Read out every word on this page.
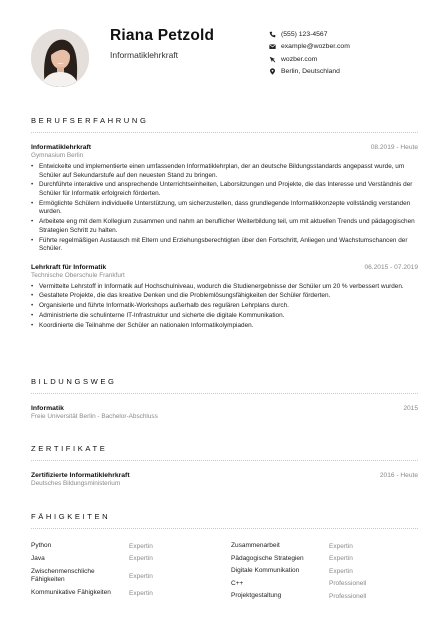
Riana Petzold
Informatiklehrkraft
(555) 123-4567
example@wozber.com
wozber.com
Berlin, Deutschland
BERUFSERFAHRUNG
Informatiklehrkraft	08.2019 - Heute
Gymnasium Berlin
• Entwickelte und implementierte einen umfassenden Informatiklehrplan, der an deutsche Bildungsstandards angepasst wurde, um Schüler auf Sekundarstufe auf den neuesten Stand zu bringen.
• Durchführte interaktive und ansprechende Unterrichtseinheiten, Laborsitzungen und Projekte, die das Interesse und Verständnis der Schüler für Informatik erfolgreich förderten.
• Ermöglichte Schülern individuelle Unterstützung, um sicherzustellen, dass grundlegende Informatikkonzepte vollständig verstanden wurden.
• Arbeitete eng mit dem Kollegium zusammen und nahm an beruflicher Weiterbildung teil, um mit aktuellen Trends und pädagogischen Strategien Schritt zu halten.
• Führte regelmäßigen Austausch mit Eltern und Erziehungsberechtigten über den Fortschritt, Anliegen und Wachstumschancen der Schüler.
Lehrkraft für Informatik	06.2015 - 07.2019
Technische Oberschule Frankfurt
• Vermittelte Lehrstoff in Informatik auf Hochschulniveau, wodurch die Studienergebnisse der Schüler um 20 % verbessert wurden.
• Gestaltete Projekte, die das kreative Denken und die Problemlösungsfähigkeiten der Schüler förderten.
• Organisierte und führte Informatik-Workshops außerhalb des regulären Lehrplans durch.
• Administrierte die schulinterne IT-Infrastruktur und sicherte die digitale Kommunikation.
• Koordinierte die Teilnahme der Schüler an nationalen Informatikolympiaden.
BILDUNGSWEG
Informatik	2015
Freie Universität Berlin - Bachelor-Abschluss
ZERTIFIKATE
Zertifizierte Informatiklehrkraft	2016 - Heute
Deutsches Bildungsministerium
FÄHIGKEITEN
Python	Expertin
Java	Expertin
Zwischenmenschliche Fähigkeiten	Expertin
Kommunikative Fähigkeiten	Expertin
Zusammenarbeit	Expertin
Pädagogische Strategien	Expertin
Digitale Kommunikation	Expertin
C++	Professionell
Projektgestaltung	Professionell
